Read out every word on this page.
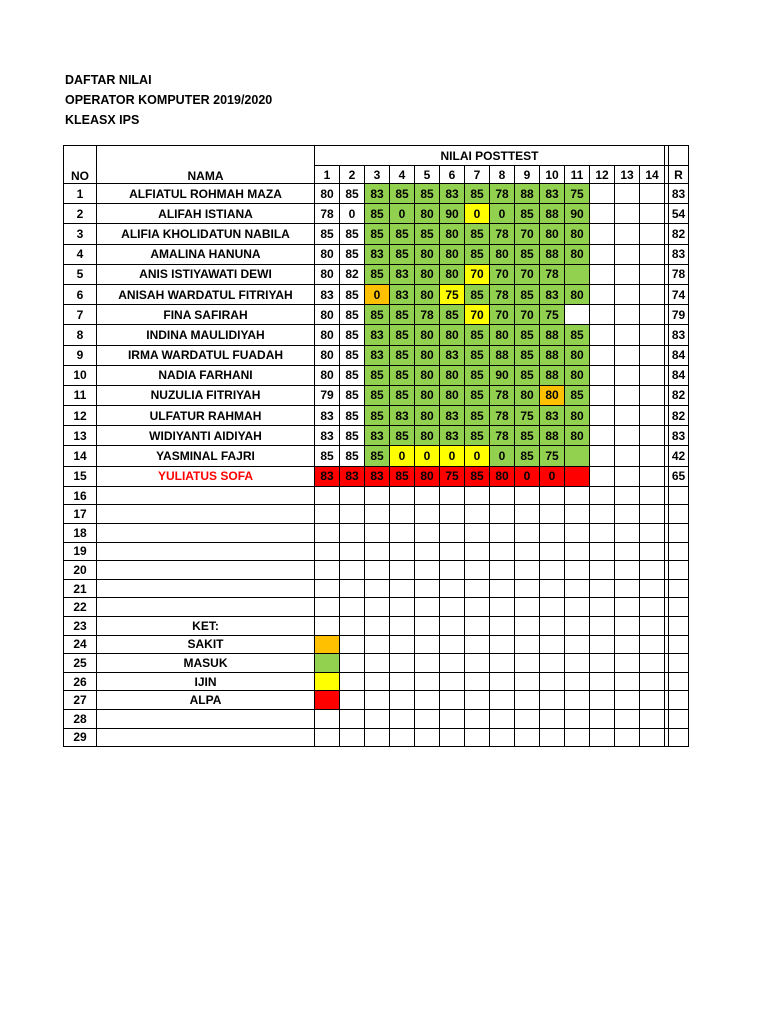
DAFTAR NILAI
OPERATOR KOMPUTER 2019/2020
KLEASX IPS
NO	NAMA	NILAI POSTTEST															
		1	2	3	4	5	6	7	8	9	10	11	12	13	14		R
1	ALFIATUL ROHMAH MAZA	80	85	83	85	85	83	85	78	88	83	75					83
2	ALIFAH ISTIANA	78	0	85	0	80	90	0	0	85	88	90					54
3	ALIFIA KHOLIDATUN NABILA	85	85	85	85	85	80	85	78	70	80	80					82
4	AMALINA HANUNA	80	85	83	85	80	80	85	80	85	88	80					83
5	ANIS ISTIYAWATI DEWI	80	82	85	83	80	80	70	70	70	78						78
6	ANISAH WARDATUL FITRIYAH	83	85	0	83	80	75	85	78	85	83	80					74
7	FINA SAFIRAH	80	85	85	85	78	85	70	70	70	75						79
8	INDINA MAULIDIYAH	80	85	83	85	80	80	85	80	85	88	85					83
9	IRMA WARDATUL FUADAH	80	85	83	85	80	83	85	88	85	88	80					84
10	NADIA FARHANI	80	85	85	85	80	80	85	90	85	88	80					84
11	NUZULIA FITRIYAH	79	85	85	85	80	80	85	78	80	80	85					82
12	ULFATUR RAHMAH	83	85	85	83	80	83	85	78	75	83	80					82
13	WIDIYANTI AIDIYAH	83	85	83	85	80	83	85	78	85	88	80					83
14	YASMINAL FAJRI	85	85	85	0	0	0	0	0	85	75						42
15	YULIATUS SOFA	83	83	83	85	80	75	85	80	0	0						65
16																	
17																	
18																	
19																	
20																	
21																	
22																	
23	KET:																
24	SAKIT																
25	MASUK																
26	IJIN																
27	ALPA																
28																	
29																	
